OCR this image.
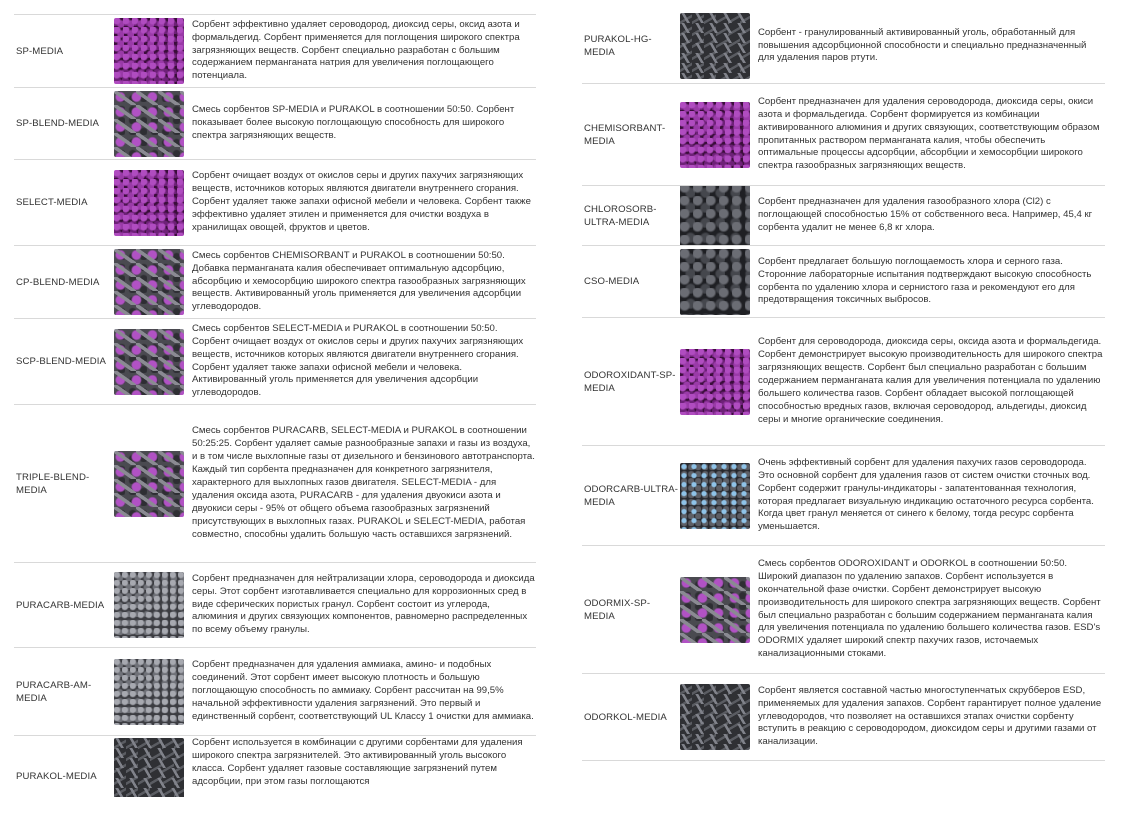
SP-MEDIA
Сорбент эффективно удаляет сероводород, диоксид серы, оксид азота и формальдегид. Сорбент применяется для поглощения широкого спектра загрязняющих веществ. Сорбент специально разработан с большим содержанием перманганата натрия для увеличения поглощающего потенциала.
SP-BLEND-MEDIA
Смесь сорбентов SP-MEDIA и PURAKOL в соотношении 50:50. Сорбент показывает более высокую поглощающую способность для широкого спектра загрязняющих веществ.
SELECT-MEDIA
Сорбент очищает воздух от окислов серы и других пахучих загрязняющих веществ, источников которых являются двигатели внутреннего сгорания. Сорбент удаляет также запахи офисной мебели и человека. Сорбент также эффективно удаляет этилен и применяется для очистки воздуха в хранилищах овощей, фруктов и цветов.
CP-BLEND-MEDIA
Смесь сорбентов CHEMISORBANT и PURAKOL в соотношении 50:50. Добавка перманганата калия обеспечивает оптимальную адсорбцию, абсорбцию и хемосорбцию широкого спектра газообразных загрязняющих веществ. Активированный уголь применяется для увеличения адсорбции углеводородов.
SCP-BLEND-MEDIA
Смесь сорбентов SELECT-MEDIA и PURAKOL в соотношении 50:50. Сорбент очищает воздух от окислов серы и других пахучих загрязняющих веществ, источников которых являются двигатели внутреннего сгорания. Сорбент удаляет также запахи офисной мебели и человека. Активированный уголь применяется для увеличения адсорбции углеводородов.
TRIPLE-BLEND-MEDIA
Смесь сорбентов PURACARB, SELECT-MEDIA и PURAKOL в соотношении 50:25:25. Сорбент удаляет самые разнообразные запахи и газы из воздуха, и в том числе выхлопные газы от дизельного и бензинового автотранспорта. Каждый тип сорбента предназначен для конкретного загрязнителя, характерного для выхлопных газов двигателя. SELECT-MEDIA - для удаления оксида азота, PURACARB - для удаления двуокиси азота и двуокиси серы - 95% от общего объема газообразных загрязнений присутствующих в выхлопных газах. PURAKOL и SELECT-MEDIA, работая совместно, способны удалить большую часть оставшихся загрязнений.
PURACARB-MEDIA
Сорбент предназначен для нейтрализации хлора, сероводорода и диоксида серы. Этот сорбент изготавливается специально для коррозионных сред в виде сферических пористых гранул. Сорбент состоит из углерода, алюминия и других связующих компонентов, равномерно распределенных по всему объему гранулы.
PURACARB-AM-MEDIA
Сорбент предназначен для удаления аммиака, амино- и подобных соединений. Этот сорбент имеет высокую плотность и большую поглощающую способность по аммиаку. Сорбент рассчитан на 99,5% начальной эффективности удаления загрязнений. Это первый и единственный сорбент, соответствующий UL Классу 1 очистки для аммиака.
PURAKOL-MEDIA
Сорбент используется в комбинации с другими сорбентами для удаления широкого спектра загрязнителей. Это активированный уголь высокого класса. Сорбент удаляет газовые составляющие загрязнений путем адсорбции, при этом газы поглощаются
PURAKOL-HG-MEDIA
Сорбент - гранулированный активированный уголь, обработанный для повышения адсорбционной способности и специально предназначенный для удаления паров ртути.
CHEMISORBANT-MEDIA
Сорбент предназначен для удаления сероводорода, диоксида серы, окиси азота и формальдегида. Сорбент формируется из комбинации активированного алюминия и других связующих, соответствующим образом пропитанных раствором перманганата калия, чтобы обеспечить оптимальные процессы адсорбции, абсорбции и хемосорбции широкого спектра газообразных загрязняющих веществ.
CHLOROSORB-ULTRA-MEDIA
Сорбент предназначен для удаления газообразного хлора (Cl2) с поглощающей способностью 15% от собственного веса. Например, 45,4 кг сорбента удалит не менее 6,8 кг хлора.
CSO-MEDIA
Сорбент предлагает большую поглощаемость хлора и серного газа. Сторонние лабораторные испытания подтверждают высокую способность сорбента по удалению хлора и сернистого газа и рекомендуют его для предотвращения токсичных выбросов.
ODOROXIDANT-SP-MEDIA
Сорбент для сероводорода, диоксида серы, оксида азота и формальдегида. Сорбент демонстрирует высокую производительность для широкого спектра загрязняющих веществ. Сорбент был специально разработан с большим содержанием перманганата калия для увеличения потенциала по удалению большего количества газов. Сорбент обладает высокой поглощающей способностью вредных газов, включая сероводород, альдегиды, диоксид серы и многие органические соединения.
ODORCARB-ULTRA-MEDIA
Очень эффективный сорбент для удаления пахучих газов сероводорода. Это основной сорбент для удаления газов от систем очистки сточных вод. Сорбент содержит гранулы-индикаторы - запатентованная технология, которая предлагает визуальную индикацию остаточного ресурса сорбента. Когда цвет гранул меняется от синего к белому, тогда ресурс сорбента уменьшается.
ODORMIX-SP-MEDIA
Смесь сорбентов ODOROXIDANT и ODORKOL в соотношении 50:50. Широкий диапазон по удалению запахов. Сорбент используется в окончательной фазе очистки. Сорбент демонстрирует высокую производительность для широкого спектра загрязняющих веществ. Сорбент был специально разработан с большим содержанием перманганата калия для увеличения потенциала по удалению большего количества газов. ESD's ODORMIX удаляет широкий спектр пахучих газов, источаемых канализационными стоками.
ODORKOL-MEDIA
Сорбент является составной частью многоступенчатых скрубберов ESD, применяемых для удаления запахов. Сорбент гарантирует полное удаление углеводородов, что позволяет на оставшихся этапах очистки сорбенту вступить в реакцию с сероводородом, диоксидом серы и другими газами от канализации.
